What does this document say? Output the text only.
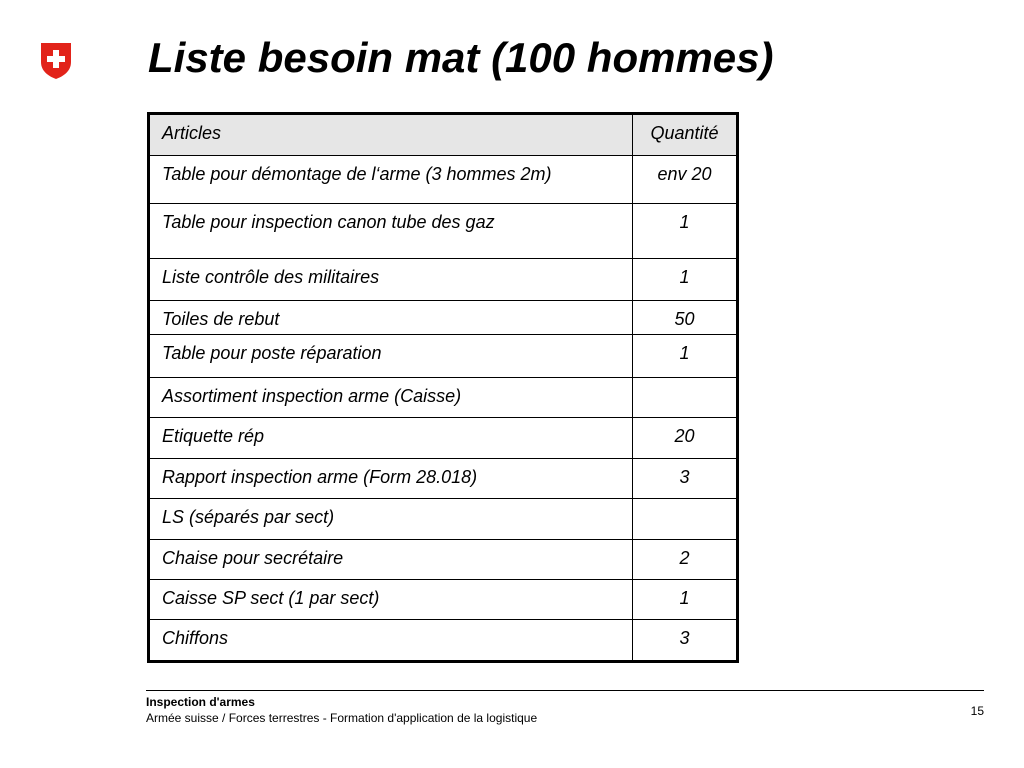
Liste besoin mat (100 hommes)
Articles	Quantité
Table pour démontage de l‘arme (3 hommes 2m)	env 20
Table pour inspection canon tube des gaz	1
Liste contrôle des militaires	1
Toiles de rebut	50
Table pour poste réparation	1
Assortiment inspection arme (Caisse)	
Etiquette rép	20
Rapport inspection arme (Form 28.018)	3
LS (séparés par sect)	
Chaise pour secrétaire	2
Caisse SP sect (1 par sect)	1
Chiffons	3
Inspection d'armes
Armée suisse / Forces terrestres - Formation d'application de la logistique	15
